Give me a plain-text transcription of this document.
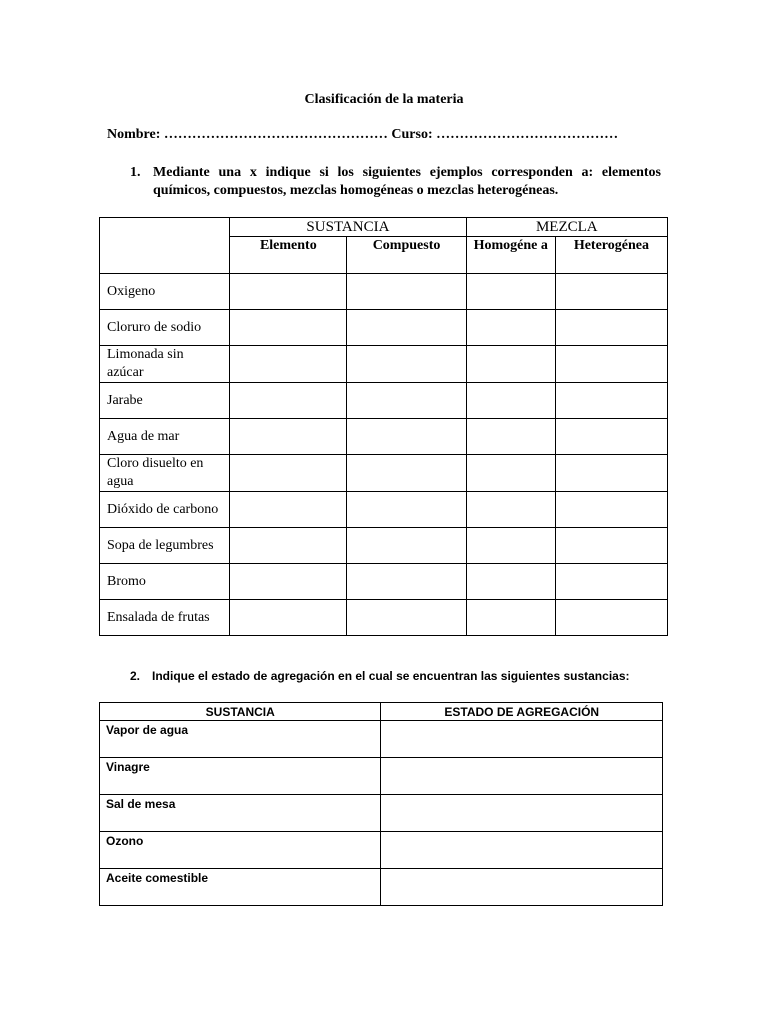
Clasificación de la materia
Nombre: ………………………………………… Curso: …………………………………
1. Mediante una x indique si los siguientes ejemplos corresponden a: elementos químicos, compuestos, mezclas homogéneas o mezclas heterogéneas.
	SUSTANCIA		MEZCLA	
	Elemento	Compuesto	Homogéne a	Heterogénea
Oxigeno				
Cloruro de sodio				
Limonada sin azúcar				
Jarabe				
Agua de mar				
Cloro disuelto en agua				
Dióxido de carbono				
Sopa de legumbres				
Bromo				
Ensalada de frutas				
2. Indique el estado de agregación en el cual se encuentran las siguientes sustancias:
SUSTANCIA	ESTADO DE AGREGACIÓN
Vapor de agua	
Vinagre	
Sal de mesa	
Ozono	
Aceite comestible	
